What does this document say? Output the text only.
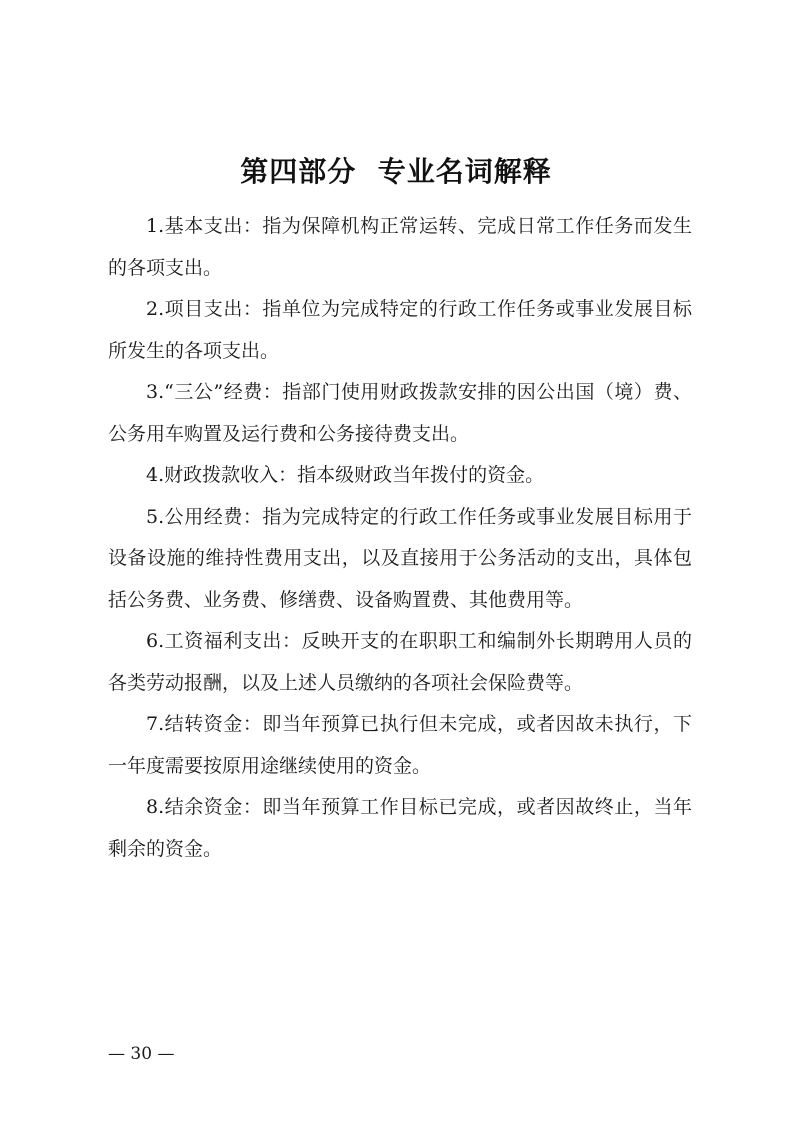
第四部分  专业名词解释

1.基本支出：指为保障机构正常运转、完成日常工作任务而发生的各项支出。

2.项目支出：指单位为完成特定的行政工作任务或事业发展目标所发生的各项支出。

3.“三公”经费：指部门使用财政拨款安排的因公出国（境）费、公务用车购置及运行费和公务接待费支出。

4.财政拨款收入：指本级财政当年拨付的资金。

5.公用经费：指为完成特定的行政工作任务或事业发展目标用于设备设施的维持性费用支出，以及直接用于公务活动的支出，具体包括公务费、业务费、修缮费、设备购置费、其他费用等。

6.工资福利支出：反映开支的在职职工和编制外长期聘用人员的各类劳动报酬，以及上述人员缴纳的各项社会保险费等。

7.结转资金：即当年预算已执行但未完成，或者因故未执行，下一年度需要按原用途继续使用的资金。

8.结余资金：即当年预算工作目标已完成，或者因故终止，当年剩余的资金。

— 30 —
